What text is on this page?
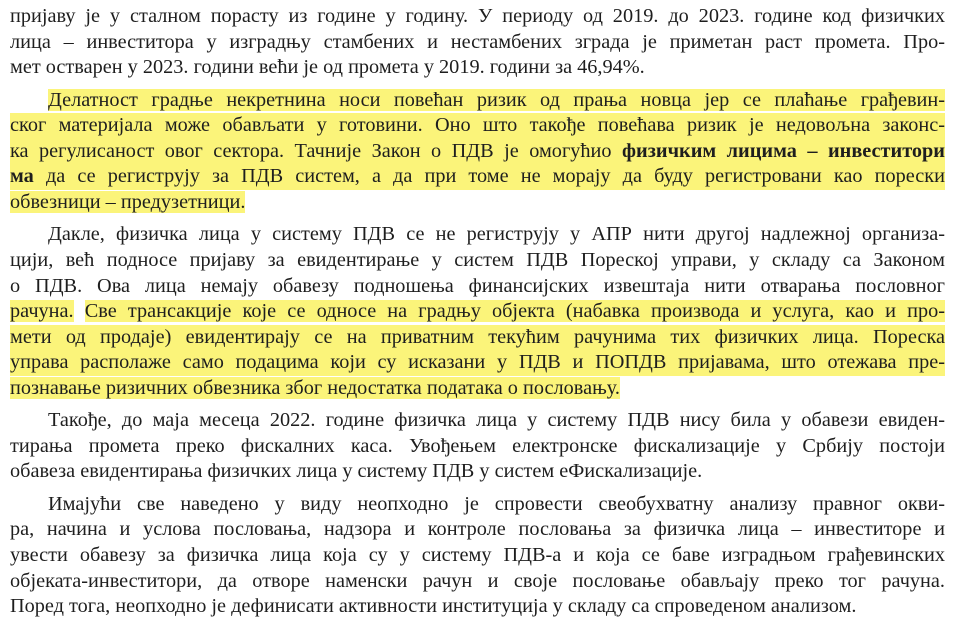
пријаву је у сталном порасту из године у годину. У периоду од 2019. до 2023. године код физичких
лица – инвеститора у изградњу стамбених и нестамбених зграда је приметан раст промета. Про-
мет остварен у 2023. години већи је од промета у 2019. години за 46,94%.
Делатност градње некретнина носи повећан ризик од прања новца јер се плаћање грађевин-
ског материјала може обављати у готовини. Оно што такође повећава ризик је недовољна законс-
ка регулисаност овог сектора. Тачније Закон о ПДВ је омогућио физичким лицима – инвеститори
ма да се региструју за ПДВ систем, а да при томе не морају да буду регистровани као порески
обвезници – предузетници.
Дакле, физичка лица у систему ПДВ се не региструју у АПР нити другој надлежној организа-
цији, већ подносе пријаву за евидентирање у систем ПДВ Пореској управи, у складу са Законом
о ПДВ. Ова лица немају обавезу подношења финансијских извештаја нити отварања пословног
рачуна. Све трансакције које се односе на градњу објекта (набавка производа и услуга, као и про-
мети од продаје) евидентирају се на приватним текућим рачунима тих физичких лица. Пореска
управа располаже само подацима који су исказани у ПДВ и ПОПДВ пријавама, што отежава пре-
познавање ризичних обвезника због недостатка података о пословању.
Такође, до маја месеца 2022. године физичка лица у систему ПДВ нису била у обавези евиден-
тирања промета преко фискалних каса. Увођењем електронске фискализације у Србију постоји
обавеза евидентирања физичких лица у систему ПДВ у систем еФискализације.
Имајући све наведено у виду неопходно је спровести свеобухватну анализу правног окви-
ра, начина и услова пословања, надзора и контроле пословања за физичка лица – инвеститоре и
увести обавезу за физичка лица која су у систему ПДВ-а и која се баве изградњом грађевинских
објеката-инвеститори, да отворе наменски рачун и своје пословање обављају преко тог рачуна.
Поред тога, неопходно је дефинисати активности институција у складу са спроведеном анализом.
